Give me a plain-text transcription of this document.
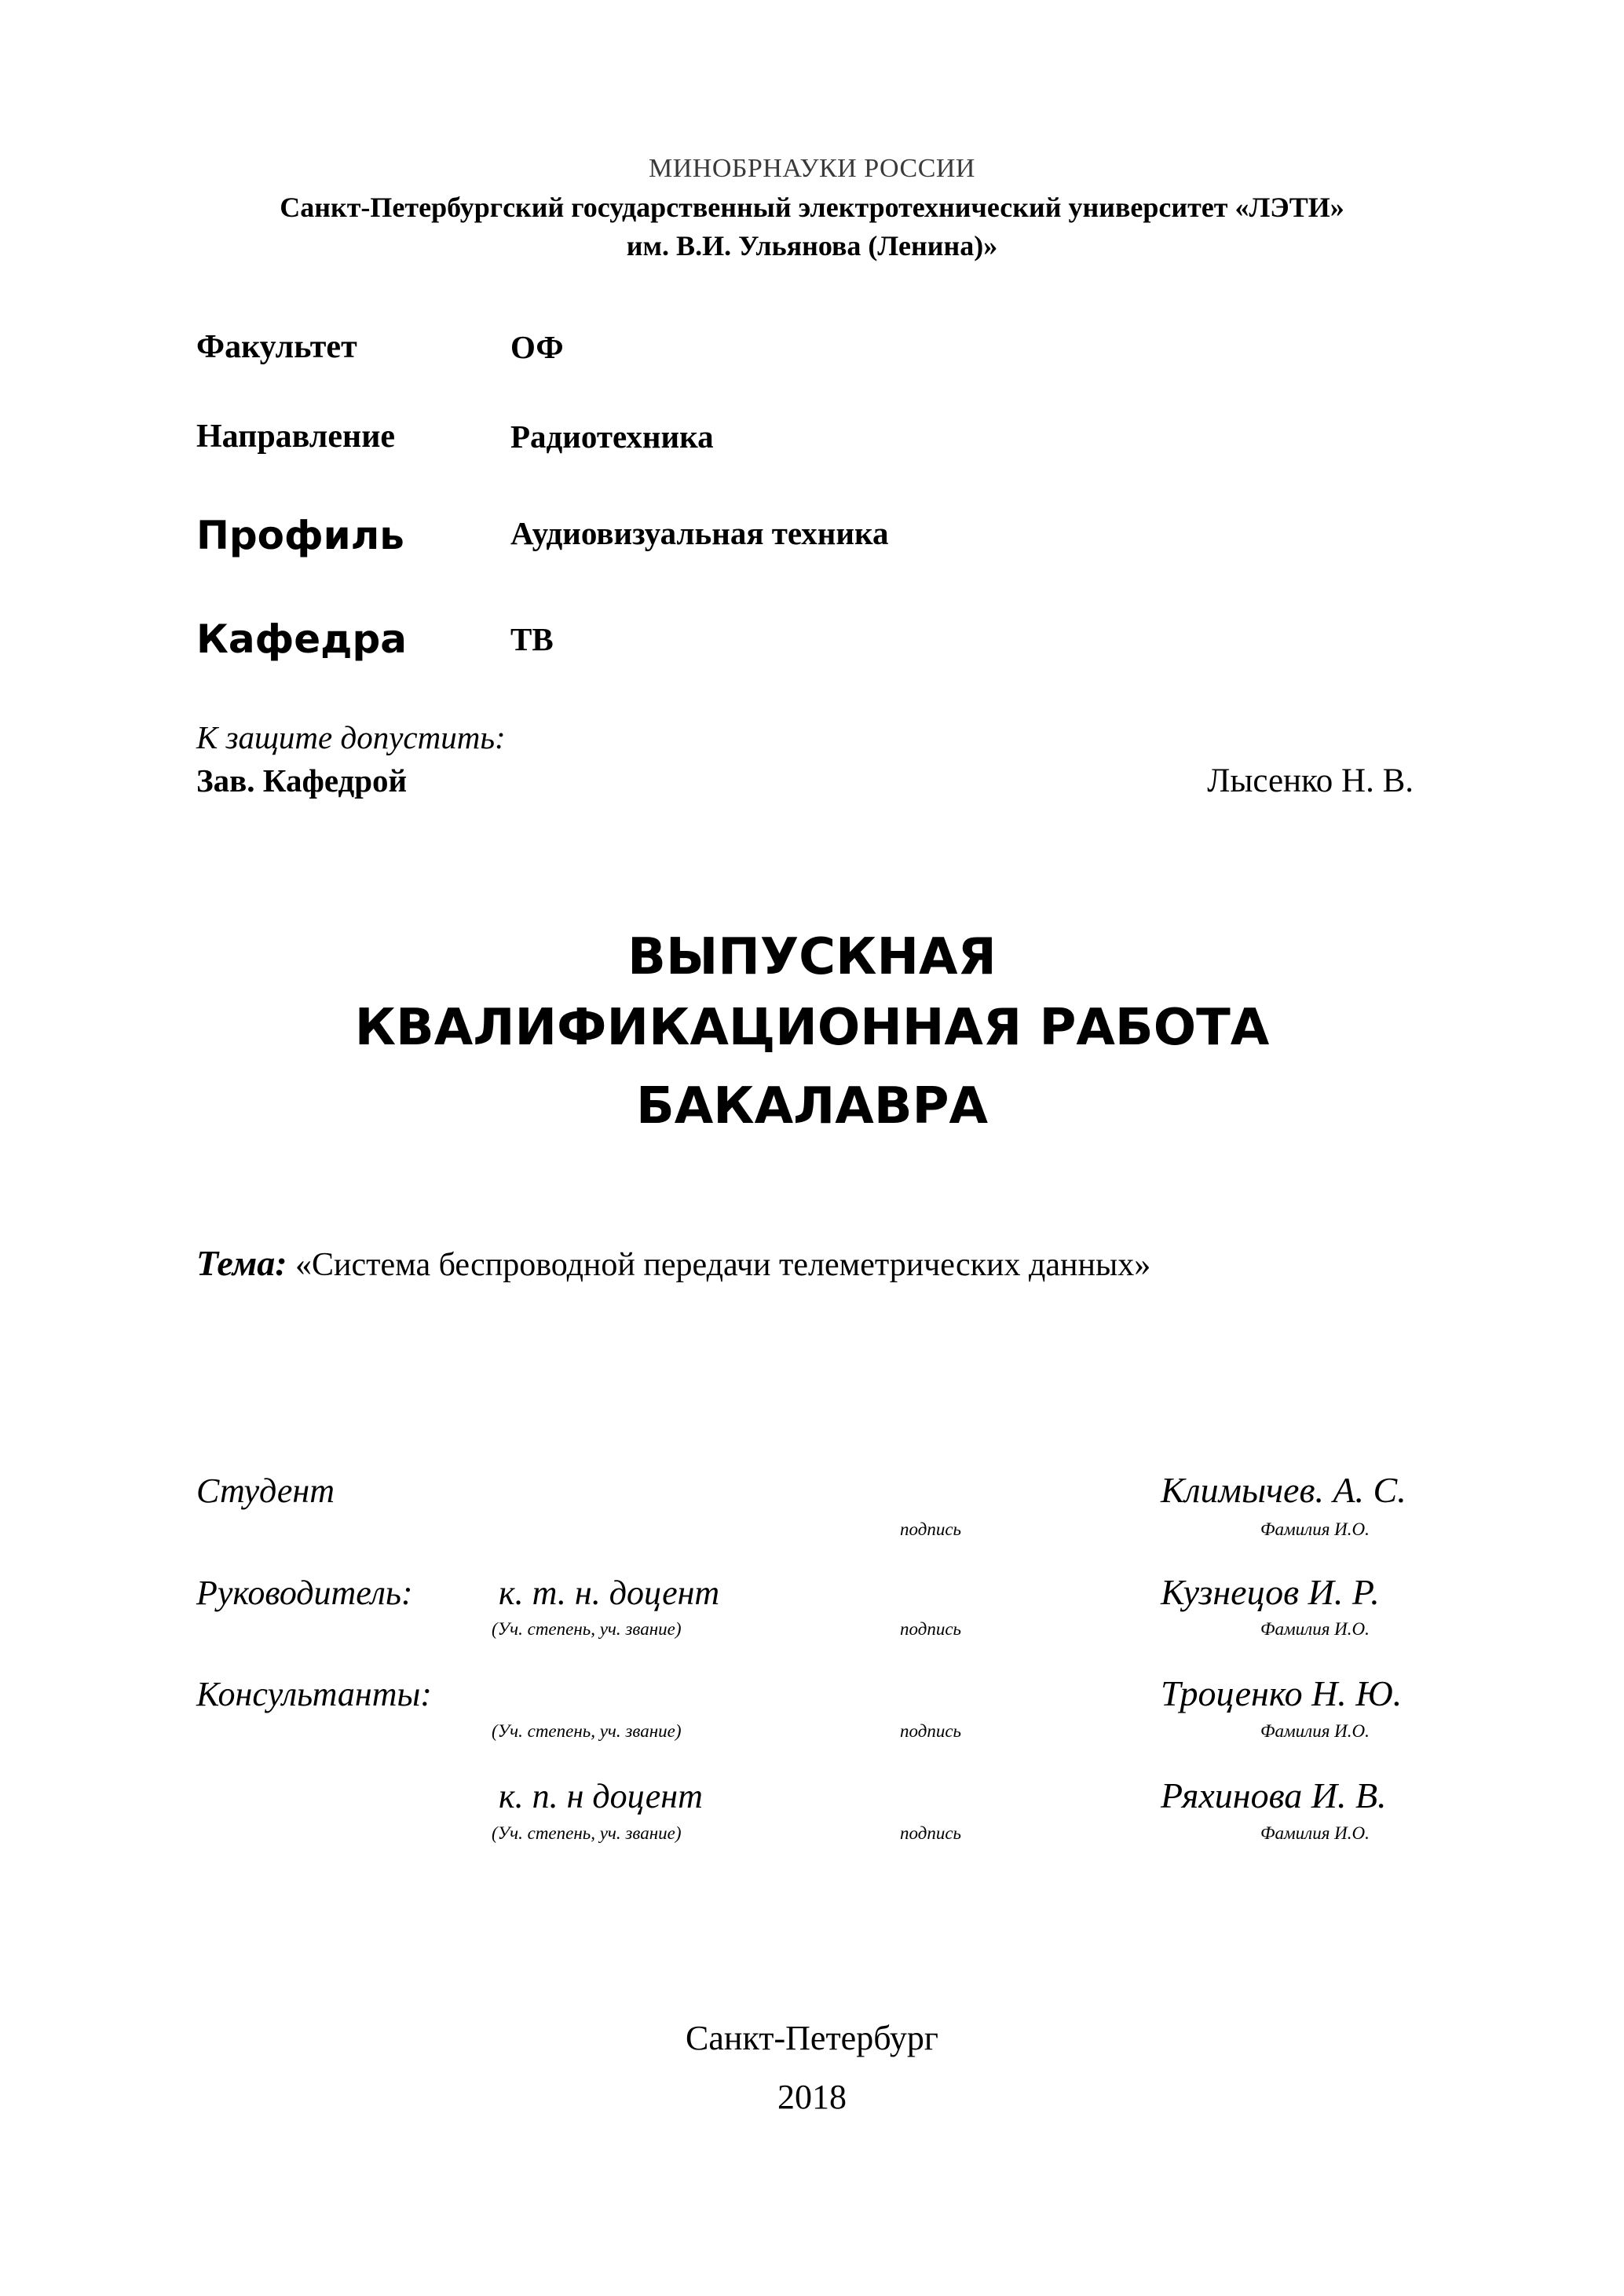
МИНОБРНАУКИ РОССИИ
Санкт-Петербургский государственный электротехнический университет «ЛЭТИ»
им. В.И. Ульянова (Ленина)»
Факультет	ОФ
Направление	Радиотехника
Профиль	Аудиовизуальная техника
Кафедра	ТВ
К защите допустить:
Зав. Кафедрой	Лысенко Н. В.
ВЫПУСКНАЯ
КВАЛИФИКАЦИОННАЯ РАБОТА
БАКАЛАВРА
Тема: «Система беспроводной передачи телеметрических данных»
Студент	Климычев. А. С.
подпись	Фамилия И.О.
Руководитель: к. т. н. доцент	Кузнецов И. Р.
(Уч. степень, уч. звание)	подпись	Фамилия И.О.
Консультанты:	Троценко Н. Ю.
(Уч. степень, уч. звание)	подпись	Фамилия И.О.
к. п. н доцент	Ряхинова И. В.
(Уч. степень, уч. звание)	подпись	Фамилия И.О.
Санкт-Петербург
2018
